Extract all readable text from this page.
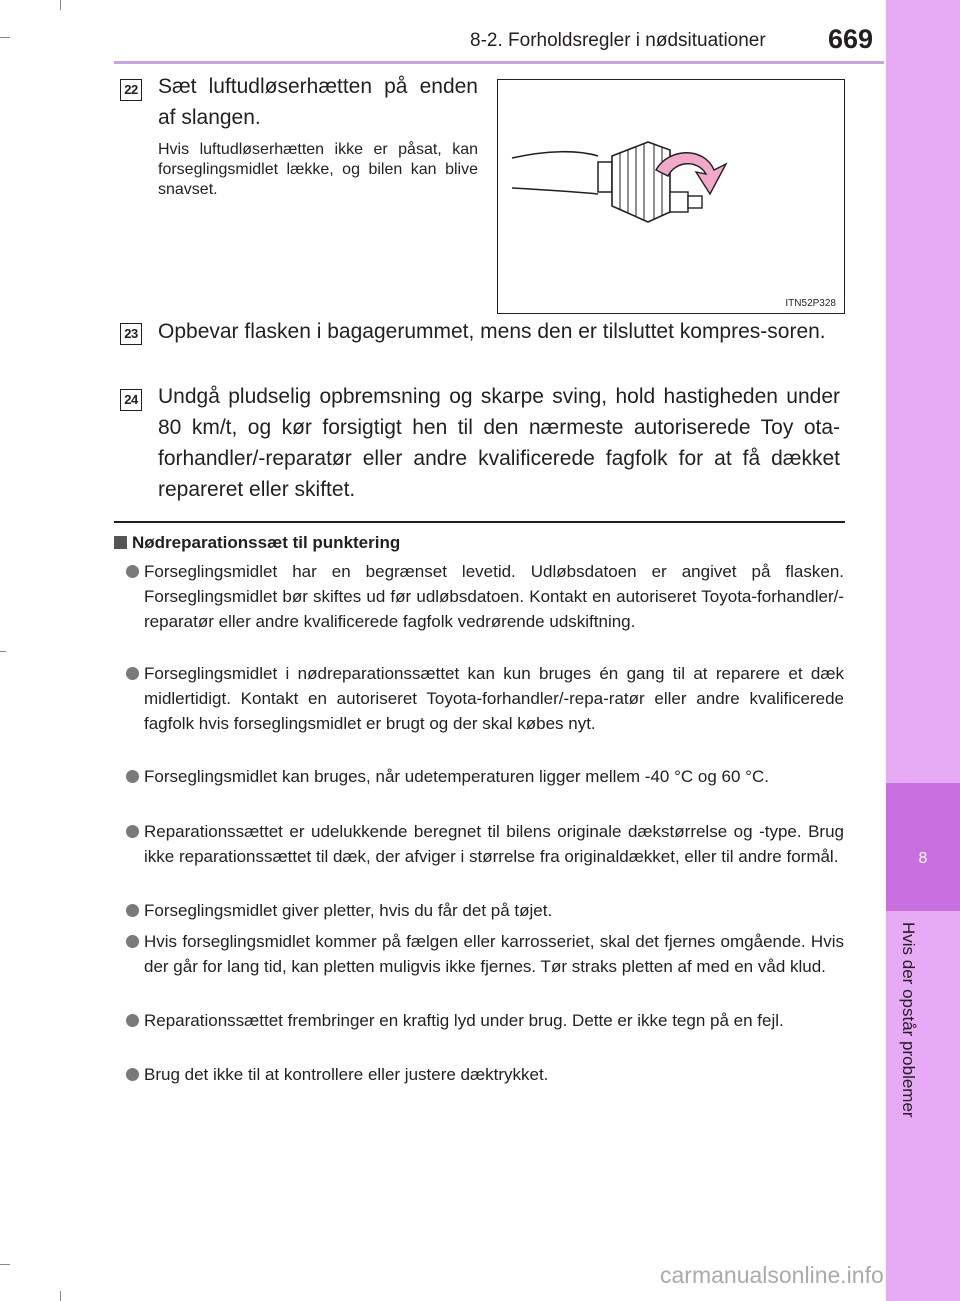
8-2. Forholdsregler i nødsituationer 669
8
Hvis der opstår problemer
22 Sæt luftudløserhætten på enden af slangen.
Hvis luftudløserhætten ikke er påsat, kan forseglingsmidlet lække, og bilen kan blive snavset.
ITN52P328
23 Opbevar flasken i bagagerummet, mens den er tilsluttet kompres-soren.
24 Undgå pludselig opbremsning og skarpe sving, hold hastigheden under 80 km/t, og kør forsigtigt hen til den nærmeste autoriserede Toy ota-forhandler/-reparatør eller andre kvalificerede fagfolk for at få dækket repareret eller skiftet.
Nødreparationssæt til punktering
Forseglingsmidlet har en begrænset levetid. Udløbsdatoen er angivet på flasken. Forseglingsmidlet bør skiftes ud før udløbsdatoen. Kontakt en autoriseret Toyota-forhandler/-reparatør eller andre kvalificerede fagfolk vedrørende udskiftning.
Forseglingsmidlet i nødreparationssættet kan kun bruges én gang til at reparere et dæk midlertidigt. Kontakt en autoriseret Toyota-forhandler/-repa-ratør eller andre kvalificerede fagfolk hvis forseglingsmidlet er brugt og der skal købes nyt.
Forseglingsmidlet kan bruges, når udetemperaturen ligger mellem -40 °C og 60 °C.
Reparationssættet er udelukkende beregnet til bilens originale dækstørrelse og -type. Brug ikke reparationssættet til dæk, der afviger i størrelse fra originaldækket, eller til andre formål.
Forseglingsmidlet giver pletter, hvis du får det på tøjet.
Hvis forseglingsmidlet kommer på fælgen eller karrosseriet, skal det fjernes omgående. Hvis der går for lang tid, kan pletten muligvis ikke fjernes. Tør straks pletten af med en våd klud.
Reparationssættet frembringer en kraftig lyd under brug. Dette er ikke tegn på en fejl.
Brug det ikke til at kontrollere eller justere dæktrykket.
carmanualsonline.info
